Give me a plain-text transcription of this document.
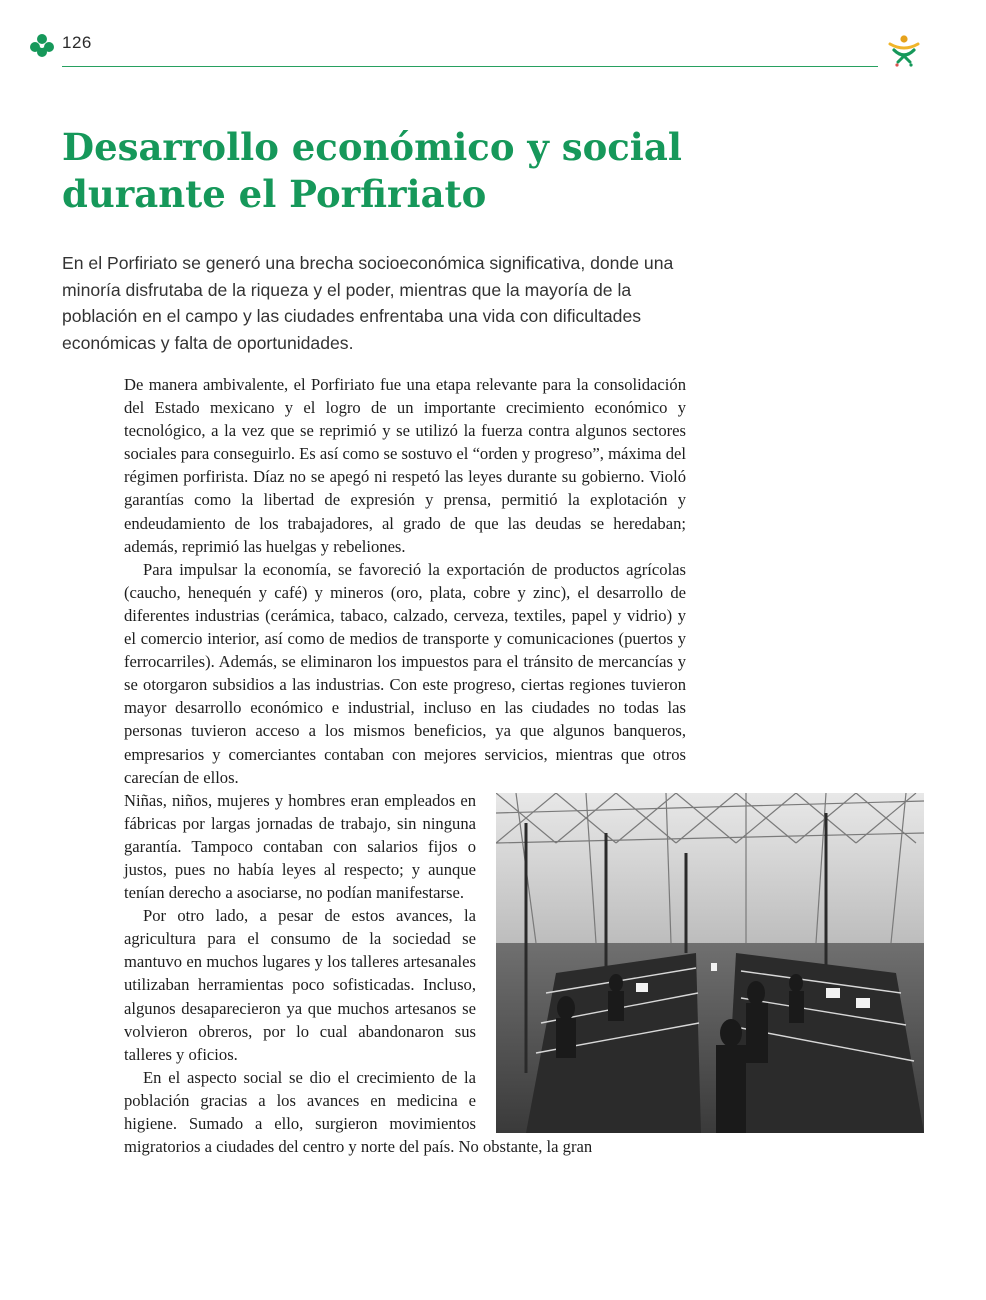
126
Desarrollo económico y social
durante el Porfiriato

En el Porfiriato se generó una brecha socioeconómica significativa, donde una minoría disfrutaba de la riqueza y el poder, mientras que la mayoría de la población en el campo y las ciudades enfrentaba una vida con dificultades económicas y falta de oportunidades.

De manera ambivalente, el Porfiriato fue una etapa relevante para la consolidación del Estado mexicano y el logro de un importante crecimiento económico y tecnológico, a la vez que se reprimió y se utilizó la fuerza contra algunos sectores sociales para conseguirlo. Es así como se sostuvo el “orden y progreso”, máxima del régimen porfirista. Díaz no se apegó ni respetó las leyes durante su gobierno. Violó garantías como la libertad de expresión y prensa, permitió la explotación y endeudamiento de los trabajadores, al grado de que las deudas se heredaban; además, reprimió las huelgas y rebeliones.

Para impulsar la economía, se favoreció la exportación de productos agrícolas (caucho, henequén y café) y mineros (oro, plata, cobre y zinc), el desarrollo de diferentes industrias (cerámica, tabaco, calzado, cerveza, textiles, papel y vidrio) y el comercio interior, así como de medios de transporte y comunicaciones (puertos y ferrocarriles). Además, se eliminaron los impuestos para el tránsito de mercancías y se otorgaron subsidios a las industrias. Con este progreso, ciertas regiones tuvieron mayor desarrollo económico e industrial, incluso en las ciudades no todas las personas tuvieron acceso a los mismos beneficios, ya que algunos banqueros, empresarios y comerciantes contaban con mejores servicios, mientras que otros carecían de ellos.

Niñas, niños, mujeres y hombres eran empleados en fábricas por largas jornadas de trabajo, sin ninguna garantía. Tampoco contaban con salarios fijos o justos, pues no había leyes al respecto; y aunque tenían derecho a asociarse, no podían manifestarse.

Por otro lado, a pesar de estos avances, la agricultura para el consumo de la sociedad se mantuvo en muchos lugares y los talleres artesanales utilizaban herramientas poco sofisticadas. Incluso, algunos desaparecieron ya que muchos artesanos se volvieron obreros, por lo cual abandonaron sus talleres y oficios.

En el aspecto social se dio el crecimiento de la población gracias a los avances en medicina e higiene. Sumado a ello, surgieron movimientos migratorios a ciudades del centro y norte del país. No obstante, la gran
